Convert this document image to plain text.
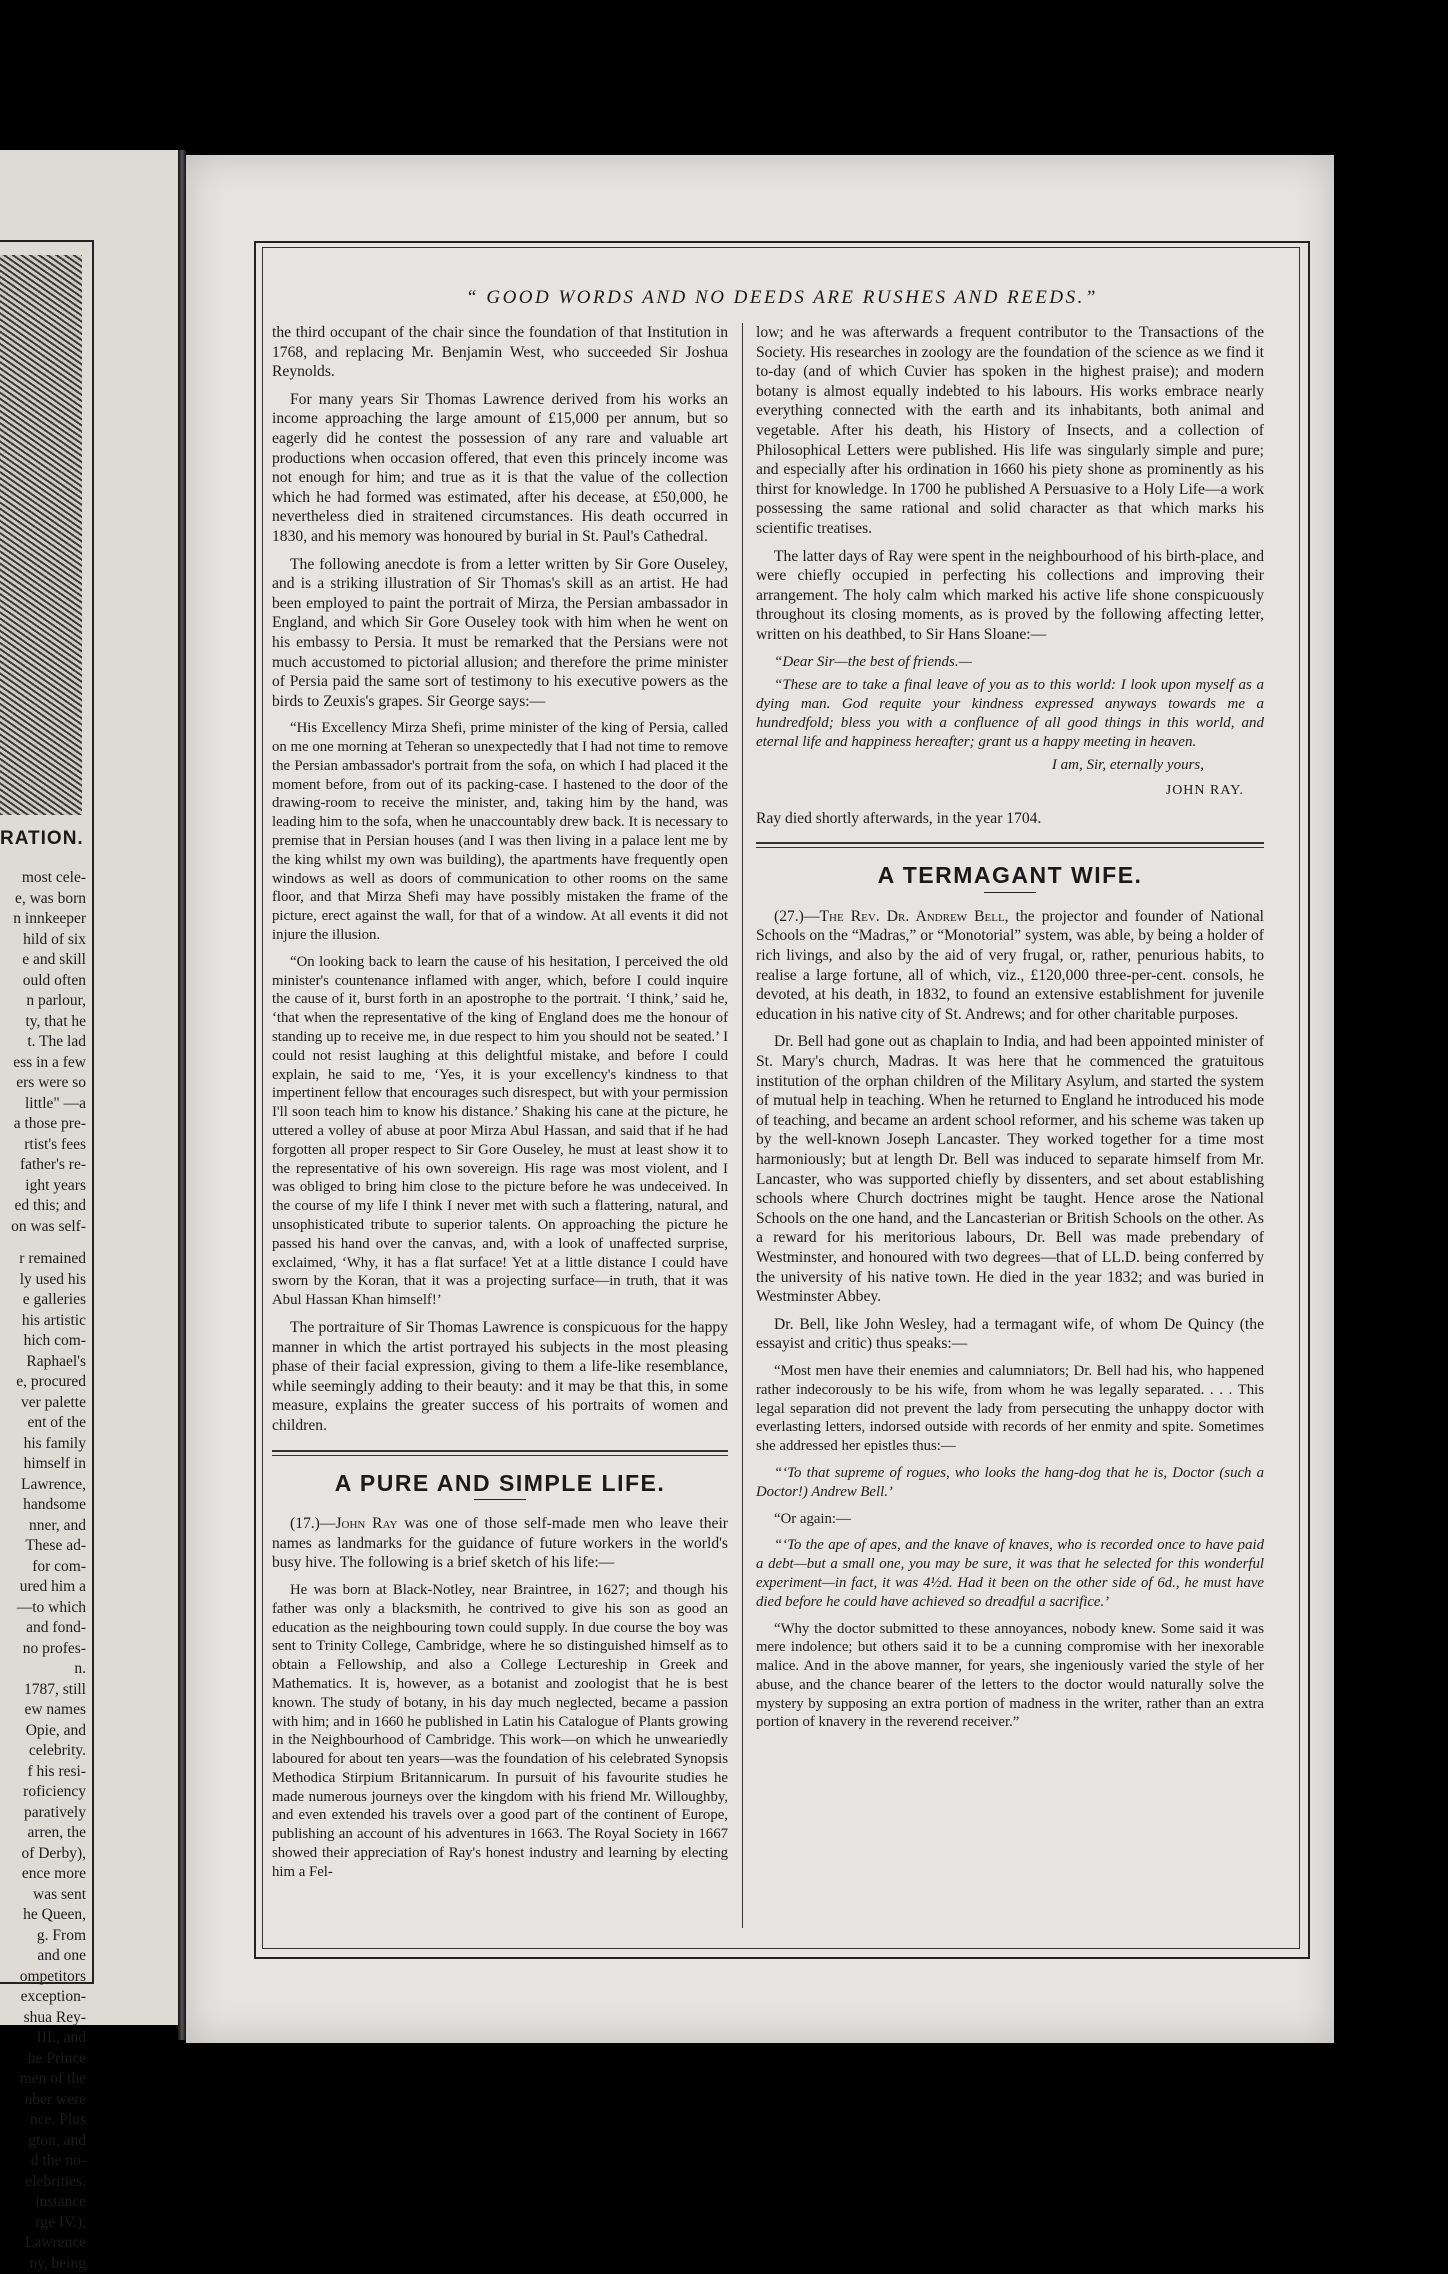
RATION.
most cele-
e, was born
n innkeeper
hild of six
e and skill
ould often
n parlour,
ty, that he
t. The lad
ess in a few
ers were so
little" —a
a those pre-
rtist's fees
father's re-
ight years
ed this; and
on was self-
r remained
ly used his
e galleries
his artistic
hich com-
Raphael's
e, procured
ver palette
ent of the
his family
himself in
Lawrence,
handsome
nner, and
These ad-
for com-
ured him a
—to which
and fond-
no profes-
n.
1787, still
ew names
Opie, and
celebrity.
f his resi-
roficiency
paratively
arren, the
of Derby),
ence more
was sent
he Queen,
g. From
and one
ompetitors
exception-
shua Rey-
III., and
he Prince
men of the
nber were
nce. Plus
gton, and
d the no-
elebrities.
instance
rge IV.),
Lawrence
ny, being
“ GOOD WORDS AND NO DEEDS ARE RUSHES AND REEDS.”

the third occupant of the chair since the foundation of that Institution in 1768, and replacing Mr. Benjamin West, who succeeded Sir Joshua Reynolds.

For many years Sir Thomas Lawrence derived from his works an income approaching the large amount of £15,000 per annum, but so eagerly did he contest the possession of any rare and valuable art productions when occasion offered, that even this princely income was not enough for him; and true as it is that the value of the collection which he had formed was estimated, after his decease, at £50,000, he nevertheless died in straitened circumstances. His death occurred in 1830, and his memory was honoured by burial in St. Paul's Cathedral.

The following anecdote is from a letter written by Sir Gore Ouseley, and is a striking illustration of Sir Thomas's skill as an artist. He had been employed to paint the portrait of Mirza, the Persian ambassador in England, and which Sir Gore Ouseley took with him when he went on his embassy to Persia. It must be remarked that the Persians were not much accustomed to pictorial allusion; and therefore the prime minister of Persia paid the same sort of testimony to his executive powers as the birds to Zeuxis's grapes. Sir George says:—

“His Excellency Mirza Shefi, prime minister of the king of Persia, called on me one morning at Teheran so unexpectedly that I had not time to remove the Persian ambassador's portrait from the sofa, on which I had placed it the moment before, from out of its packing-case. I hastened to the door of the drawing-room to receive the minister, and, taking him by the hand, was leading him to the sofa, when he unaccountably drew back. It is necessary to premise that in Persian houses (and I was then living in a palace lent me by the king whilst my own was building), the apartments have frequently open windows as well as doors of communication to other rooms on the same floor, and that Mirza Shefi may have possibly mistaken the frame of the picture, erect against the wall, for that of a window. At all events it did not injure the illusion.

“On looking back to learn the cause of his hesitation, I perceived the old minister's countenance inflamed with anger, which, before I could inquire the cause of it, burst forth in an apostrophe to the portrait. ‘I think,’ said he, ‘that when the representative of the king of England does me the honour of standing up to receive me, in due respect to him you should not be seated.’ I could not resist laughing at this delightful mistake, and before I could explain, he said to me, ‘Yes, it is your excellency's kindness to that impertinent fellow that encourages such disrespect, but with your permission I'll soon teach him to know his distance.’ Shaking his cane at the picture, he uttered a volley of abuse at poor Mirza Abul Hassan, and said that if he had forgotten all proper respect to Sir Gore Ouseley, he must at least show it to the representative of his own sovereign. His rage was most violent, and I was obliged to bring him close to the picture before he was undeceived. In the course of my life I think I never met with such a flattering, natural, and unsophisticated tribute to superior talents. On approaching the picture he passed his hand over the canvas, and, with a look of unaffected surprise, exclaimed, ‘Why, it has a flat surface! Yet at a little distance I could have sworn by the Koran, that it was a projecting surface—in truth, that it was Abul Hassan Khan himself!’

The portraiture of Sir Thomas Lawrence is conspicuous for the happy manner in which the artist portrayed his subjects in the most pleasing phase of their facial expression, giving to them a life-like resemblance, while seemingly adding to their beauty: and it may be that this, in some measure, explains the greater success of his portraits of women and children.

A PURE AND SIMPLE LIFE.

(17.)—John Ray was one of those self-made men who leave their names as landmarks for the guidance of future workers in the world's busy hive. The following is a brief sketch of his life:—

He was born at Black-Notley, near Braintree, in 1627; and though his father was only a blacksmith, he contrived to give his son as good an education as the neighbouring town could supply. In due course the boy was sent to Trinity College, Cambridge, where he so distinguished himself as to obtain a Fellowship, and also a College Lectureship in Greek and Mathematics. It is, however, as a botanist and zoologist that he is best known. The study of botany, in his day much neglected, became a passion with him; and in 1660 he published in Latin his Catalogue of Plants growing in the Neighbourhood of Cambridge. This work—on which he unweariedly laboured for about ten years—was the foundation of his celebrated Synopsis Methodica Stirpium Britannicarum. In pursuit of his favourite studies he made numerous journeys over the kingdom with his friend Mr. Willoughby, and even extended his travels over a good part of the continent of Europe, publishing an account of his adventures in 1663. The Royal Society in 1667 showed their appreciation of Ray's honest industry and learning by electing him a Fel-

low; and he was afterwards a frequent contributor to the Transactions of the Society. His researches in zoology are the foundation of the science as we find it to-day (and of which Cuvier has spoken in the highest praise); and modern botany is almost equally indebted to his labours. His works embrace nearly everything connected with the earth and its inhabitants, both animal and vegetable. After his death, his History of Insects, and a collection of Philosophical Letters were published. His life was singularly simple and pure; and especially after his ordination in 1660 his piety shone as prominently as his thirst for knowledge. In 1700 he published A Persuasive to a Holy Life—a work possessing the same rational and solid character as that which marks his scientific treatises.

The latter days of Ray were spent in the neighbourhood of his birth-place, and were chiefly occupied in perfecting his collections and improving their arrangement. The holy calm which marked his active life shone conspicuously throughout its closing moments, as is proved by the following affecting letter, written on his deathbed, to Sir Hans Sloane:—

“Dear Sir—the best of friends.—

“These are to take a final leave of you as to this world: I look upon myself as a dying man. God requite your kindness expressed anyways towards me a hundredfold; bless you with a confluence of all good things in this world, and eternal life and happiness hereafter; grant us a happy meeting in heaven.

I am, Sir, eternally yours,
JOHN RAY.

Ray died shortly afterwards, in the year 1704.

A TERMAGANT WIFE.

(27.)—The Rev. Dr. Andrew Bell, the projector and founder of National Schools on the “Madras,” or “Monotorial” system, was able, by being a holder of rich livings, and also by the aid of very frugal, or, rather, penurious habits, to realise a large fortune, all of which, viz., £120,000 three-per-cent. consols, he devoted, at his death, in 1832, to found an extensive establishment for juvenile education in his native city of St. Andrews; and for other charitable purposes.

Dr. Bell had gone out as chaplain to India, and had been appointed minister of St. Mary's church, Madras. It was here that he commenced the gratuitous institution of the orphan children of the Military Asylum, and started the system of mutual help in teaching. When he returned to England he introduced his mode of teaching, and became an ardent school reformer, and his scheme was taken up by the well-known Joseph Lancaster. They worked together for a time most harmoniously; but at length Dr. Bell was induced to separate himself from Mr. Lancaster, who was supported chiefly by dissenters, and set about establishing schools where Church doctrines might be taught. Hence arose the National Schools on the one hand, and the Lancasterian or British Schools on the other. As a reward for his meritorious labours, Dr. Bell was made prebendary of Westminster, and honoured with two degrees—that of LL.D. being conferred by the university of his native town. He died in the year 1832; and was buried in Westminster Abbey.

Dr. Bell, like John Wesley, had a termagant wife, of whom De Quincy (the essayist and critic) thus speaks:—

“Most men have their enemies and calumniators; Dr. Bell had his, who happened rather indecorously to be his wife, from whom he was legally separated. . . . This legal separation did not prevent the lady from persecuting the unhappy doctor with everlasting letters, indorsed outside with records of her enmity and spite. Sometimes she addressed her epistles thus:—

“‘To that supreme of rogues, who looks the hang-dog that he is, Doctor (such a Doctor!) Andrew Bell.’

“Or again:—

“‘To the ape of apes, and the knave of knaves, who is recorded once to have paid a debt—but a small one, you may be sure, it was that he selected for this wonderful experiment—in fact, it was 4½d. Had it been on the other side of 6d., he must have died before he could have achieved so dreadful a sacrifice.’

“Why the doctor submitted to these annoyances, nobody knew. Some said it was mere indolence; but others said it to be a cunning compromise with her inexorable malice. And in the above manner, for years, she ingeniously varied the style of her abuse, and the chance bearer of the letters to the doctor would naturally solve the mystery by supposing an extra portion of madness in the writer, rather than an extra portion of knavery in the reverend receiver.”
